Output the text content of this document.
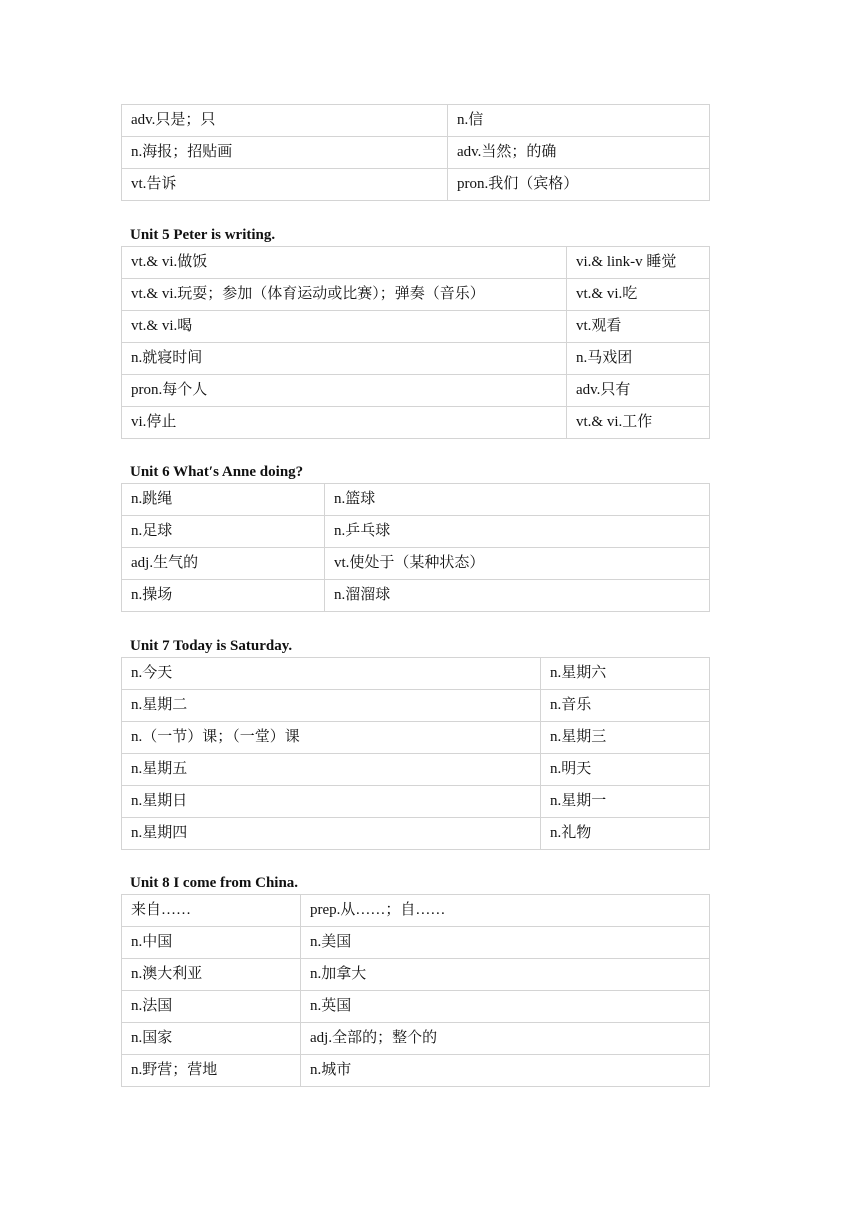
adv.只是；只	n.信
n.海报；招贴画	adv.当然；的确
vt.告诉	pron.我们（宾格）
Unit 5 Peter is writing.
vt.& vi.做饭	vi.& link-v 睡觉
vt.& vi.玩耍；参加（体育运动或比赛）；弹奏（音乐）	vt.& vi.吃
vt.& vi.喝	vt.观看
n.就寝时间	n.马戏团
pron.每个人	adv.只有
vi.停止	vt.& vi.工作
Unit 6 What′s Anne doing?
n.跳绳	n.篮球
n.足球	n.乒乓球
adj.生气的	vt.使处于（某种状态）
n.操场	n.溜溜球
Unit 7 Today is Saturday.
n.今天	n.星期六
n.星期二	n.音乐
n.（一节）课；（一堂）课	n.星期三
n.星期五	n.明天
n.星期日	n.星期一
n.星期四	n.礼物
Unit 8 I come from China.
来自……	prep.从……；自……
n.中国	n.美国
n.澳大利亚	n.加拿大
n.法国	n.英国
n.国家	adj.全部的；整个的
n.野营；营地	n.城市
